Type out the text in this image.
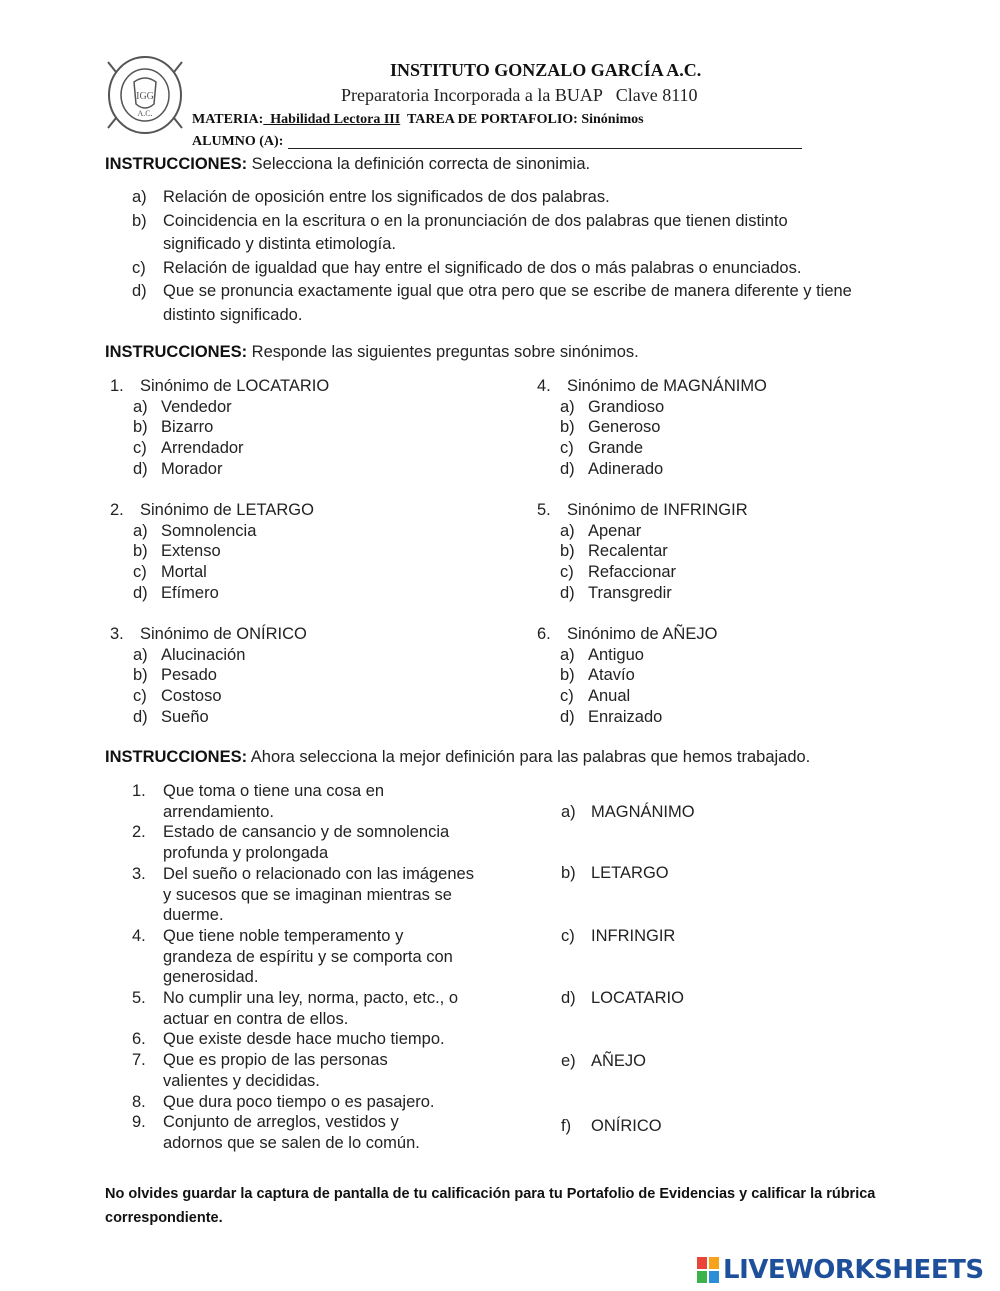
IGG
A.C.
INSTITUTO GONZALO GARCÍA A.C.
Preparatoria Incorporada a la BUAP   Clave 8110
MATERIA:  Habilidad Lectora III  TAREA DE PORTAFOLIO: Sinónimos
ALUMNO (A):
INSTRUCCIONES: Selecciona la definición correcta de sinonimia.
a) Relación de oposición entre los significados de dos palabras.
b) Coincidencia en la escritura o en la pronunciación de dos palabras que tienen distinto significado y distinta etimología.
c)	Relación de igualdad que hay entre el significado de dos o más palabras o enunciados.
d) Que se pronuncia exactamente igual que otra pero que se escribe de manera diferente y tiene distinto significado.
INSTRUCCIONES: Responde las siguientes preguntas sobre sinónimos.
1. Sinónimo de LOCATARIO
a) Vendedor
b) Bizarro
c) Arrendador
d) Morador
2. Sinónimo de LETARGO
a) Somnolencia
b) Extenso
c) Mortal
d) Efímero
3. Sinónimo de ONÍRICO
a) Alucinación
b) Pesado
c) Costoso
d) Sueño
4. Sinónimo de MAGNÁNIMO
a) Grandioso
b) Generoso
c) Grande
d) Adinerado
5. Sinónimo de INFRINGIR
a) Apenar
b) Recalentar
c) Refaccionar
d) Transgredir
6. Sinónimo de AÑEJO
a) Antiguo
b) Atavío
c) Anual
d) Enraizado
INSTRUCCIONES: Ahora selecciona la mejor definición para las palabras que hemos trabajado.
1. Que toma o tiene una cosa en arrendamiento.
2. Estado de cansancio y de somnolencia profunda y prolongada
3. Del sueño o relacionado con las imágenes y sucesos que se imaginan mientras se duerme.
4. Que tiene noble temperamento y grandeza de espíritu y se comporta con generosidad.
5. No cumplir una ley, norma, pacto, etc., o actuar en contra de ellos.
6. Que existe desde hace mucho tiempo.
7. Que es propio de las personas valientes y decididas.
8. Que dura poco tiempo o es pasajero.
9. Conjunto de arreglos, vestidos y adornos que se salen de lo común.
a) MAGNÁNIMO
b) LETARGO
c) INFRINGIR
d) LOCATARIO
e) AÑEJO
f) ONÍRICO
No olvides guardar la captura de pantalla de tu calificación para tu Portafolio de Evidencias y calificar la rúbrica correspondiente.
LIVEWORKSHEETS
